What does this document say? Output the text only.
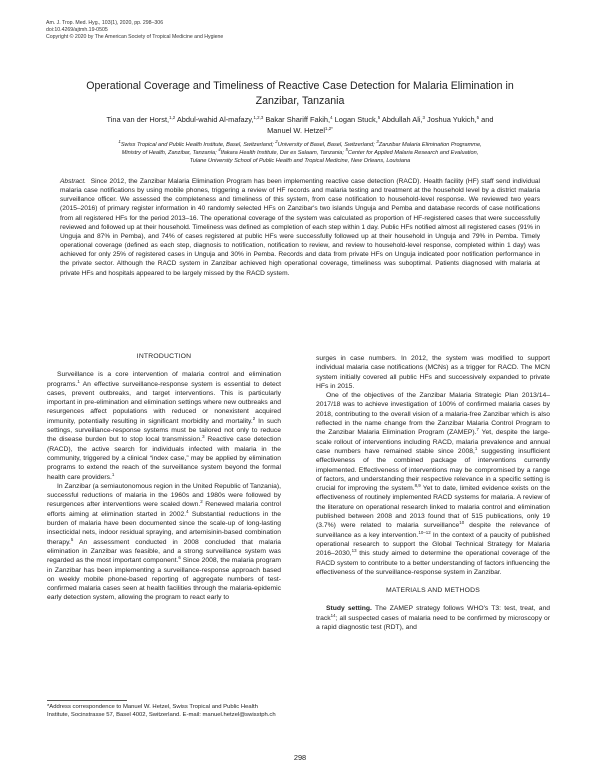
Am. J. Trop. Med. Hyg., 103(1), 2020, pp. 298–306
doi:10.4269/ajtmh.19-0505
Copyright © 2020 by The American Society of Tropical Medicine and Hygiene
Operational Coverage and Timeliness of Reactive Case Detection for Malaria Elimination in
Zanzibar, Tanzania
Tina van der Horst,$^{1,2}$ Abdul-wahid Al-mafazy,$^{1,2,3}$ Bakar Shariff Fakih,$^4$ Logan Stuck,$^5$ Abdullah Ali,$^3$ Joshua Yukich,$^5$ and
Manuel W. Hetzel$^{1,2*}$
$^1$Swiss Tropical and Public Health Institute, Basel, Switzerland; $^2$University of Basel, Basel, Switzerland; $^3$Zanzibar Malaria Elimination Programme,
Ministry of Health, Zanzibar, Tanzania; $^4$Ifakara Health Institute, Dar es Salaam, Tanzania; $^5$Center for Applied Malaria Research and Evaluation,
Tulane University School of Public Health and Tropical Medicine, New Orleans, Louisiana
Abstract. Since 2012, the Zanzibar Malaria Elimination Program has been implementing reactive case detection (RACD). Health facility (HF) staff send individual malaria case notifications by using mobile phones, triggering a review of HF records and malaria testing and treatment at the household level by a district malaria surveillance officer. We assessed the completeness and timeliness of this system, from case notification to household-level response. We reviewed two years (2015–2016) of primary register information in 40 randomly selected HFs on Zanzibar's two islands Unguja and Pemba and database records of case notifications from all registered HFs for the period 2013–16. The operational coverage of the system was calculated as proportion of HF-registered cases that were successfully reviewed and followed up at their household. Timeliness was defined as completion of each step within 1 day. Public HFs notified almost all registered cases (91% in Unguja and 87% in Pemba), and 74% of cases registered at public HFs were successfully followed up at their household in Unguja and 79% in Pemba. Timely operational coverage (defined as each step, diagnosis to notification, notification to review, and review to household-level response, completed within 1 day) was achieved for only 25% of registered cases in Unguja and 30% in Pemba. Records and data from private HFs on Unguja indicated poor notification performance in the private sector. Although the RACD system in Zanzibar achieved high operational coverage, timeliness was suboptimal. Patients diagnosed with malaria at private HFs and hospitals appeared to be largely missed by the RACD system.
INTRODUCTION

Surveillance is a core intervention of malaria control and elimination programs.$^1$ An effective surveillance-response system is essential to detect cases, prevent outbreaks, and target interventions. This is particularly important in pre-elimination and elimination settings where new outbreaks and resurgences affect populations with reduced or nonexistent acquired immunity, potentially resulting in significant morbidity and mortality.$^2$ In such settings, surveillance-response systems must be tailored not only to reduce the disease burden but to stop local transmission.$^3$ Reactive case detection (RACD), the active search for individuals infected with malaria in the community, triggered by a clinical “index case,” may be applied by elimination programs to extend the reach of the surveillance system beyond the formal health care providers.$^1$

In Zanzibar (a semiautonomous region in the United Republic of Tanzania), successful reductions of malaria in the 1960s and 1980s were followed by resurgences after interventions were scaled down.$^2$ Renewed malaria control efforts aiming at elimination started in 2002.$^4$ Substantial reductions in the burden of malaria have been documented since the scale-up of long-lasting insecticidal nets, indoor residual spraying, and artemisinin-based combination therapy.$^5$ An assessment conducted in 2008 concluded that malaria elimination in Zanzibar was feasible, and a strong surveillance system was regarded as the most important component.$^6$ Since 2008, the malaria program in Zanzibar has been implementing a surveillance-response approach based on weekly mobile phone-based reporting of aggregate numbers of test-confirmed malaria cases seen at health facilities through the malaria-epidemic early detection system, allowing the program to react early to

surges in case numbers. In 2012, the system was modified to support individual malaria case notifications (MCNs) as a trigger for RACD. The MCN system initially covered all public HFs and successively expanded to private HFs in 2015.

One of the objectives of the Zanzibar Malaria Strategic Plan 2013/14–2017/18 was to achieve investigation of 100% of confirmed malaria cases by 2018, contributing to the overall vision of a malaria-free Zanzibar which is also reflected in the name change from the Zanzibar Malaria Control Program to the Zanzibar Malaria Elimination Program (ZAMEP).$^7$ Yet, despite the large-scale rollout of interventions including RACD, malaria prevalence and annual case numbers have remained stable since 2008,$^1$ suggesting insufficient effectiveness of the combined package of interventions currently implemented. Effectiveness of interventions may be compromised by a range of factors, and understanding their respective relevance in a specific setting is crucial for improving the system.$^{8,9}$ Yet to date, limited evidence exists on the effectiveness of routinely implemented RACD systems for malaria. A review of the literature on operational research linked to malaria control and elimination published between 2008 and 2013 found that of 515 publications, only 19 (3.7%) were related to malaria surveillance$^{10}$ despite the relevance of surveillance as a key intervention.$^{10-12}$ In the context of a paucity of published operational research to support the Global Technical Strategy for Malaria 2016–2030,13 this study aimed to determine the operational coverage of the RACD system to contribute to a better understanding of factors influencing the effectiveness of the surveillance-response system in Zanzibar.

MATERIALS AND METHODS

Study setting. The ZAMEP strategy follows WHO's T3: test, treat, and track$^{14}$; all suspected cases of malaria need to be confirmed by microscopy or a rapid diagnostic test (RDT), and

*Address correspondence to Manuel W. Hetzel, Swiss Tropical and Public Health Institute, Socinstrasse 57, Basel 4002, Switzerland. E-mail: manuel.hetzel@swisstph.ch
298
